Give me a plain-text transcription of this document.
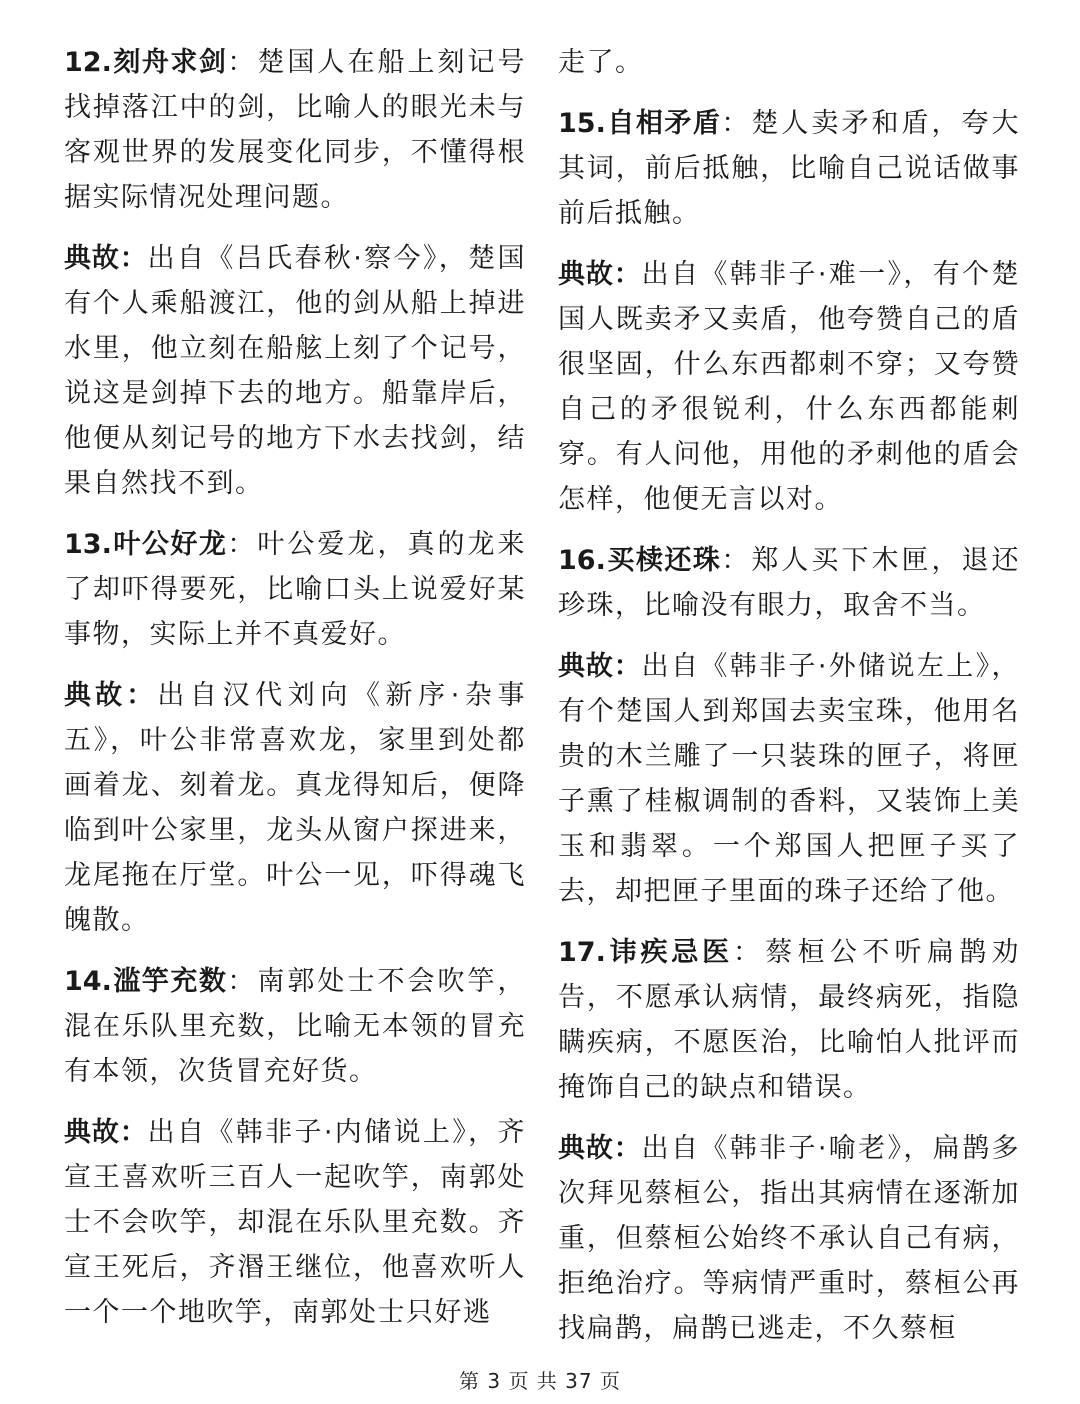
12.刻舟求剑：楚国人在船上刻记号找掉落江中的剑，比喻人的眼光未与客观世界的发展变化同步，不懂得根据实际情况处理问题。

典故：出自《吕氏春秋·察今》，楚国有个人乘船渡江，他的剑从船上掉进水里，他立刻在船舷上刻了个记号，说这是剑掉下去的地方。船靠岸后，他便从刻记号的地方下水去找剑，结果自然找不到。

13.叶公好龙：叶公爱龙，真的龙来了却吓得要死，比喻口头上说爱好某事物，实际上并不真爱好。

典故：出自汉代刘向《新序·杂事五》，叶公非常喜欢龙，家里到处都画着龙、刻着龙。真龙得知后，便降临到叶公家里，龙头从窗户探进来，龙尾拖在厅堂。叶公一见，吓得魂飞魄散。

14.滥竽充数：南郭处士不会吹竽，混在乐队里充数，比喻无本领的冒充有本领，次货冒充好货。

典故：出自《韩非子·内储说上》，齐宣王喜欢听三百人一起吹竽，南郭处士不会吹竽，却混在乐队里充数。齐宣王死后，齐湣王继位，他喜欢听人一个一个地吹竽，南郭处士只好逃

走了。

15.自相矛盾：楚人卖矛和盾，夸大其词，前后抵触，比喻自己说话做事前后抵触。

典故：出自《韩非子·难一》，有个楚国人既卖矛又卖盾，他夸赞自己的盾很坚固，什么东西都刺不穿；又夸赞自己的矛很锐利，什么东西都能刺穿。有人问他，用他的矛刺他的盾会怎样，他便无言以对。

16.买椟还珠：郑人买下木匣，退还珍珠，比喻没有眼力，取舍不当。

典故：出自《韩非子·外储说左上》，有个楚国人到郑国去卖宝珠，他用名贵的木兰雕了一只装珠的匣子，将匣子熏了桂椒调制的香料，又装饰上美玉和翡翠。一个郑国人把匣子买了去，却把匣子里面的珠子还给了他。

17.讳疾忌医：蔡桓公不听扁鹊劝告，不愿承认病情，最终病死，指隐瞒疾病，不愿医治，比喻怕人批评而掩饰自己的缺点和错误。

典故：出自《韩非子·喻老》，扁鹊多次拜见蔡桓公，指出其病情在逐渐加重，但蔡桓公始终不承认自己有病，拒绝治疗。等病情严重时，蔡桓公再找扁鹊，扁鹊已逃走，不久蔡桓

第 3 页 共 37 页
